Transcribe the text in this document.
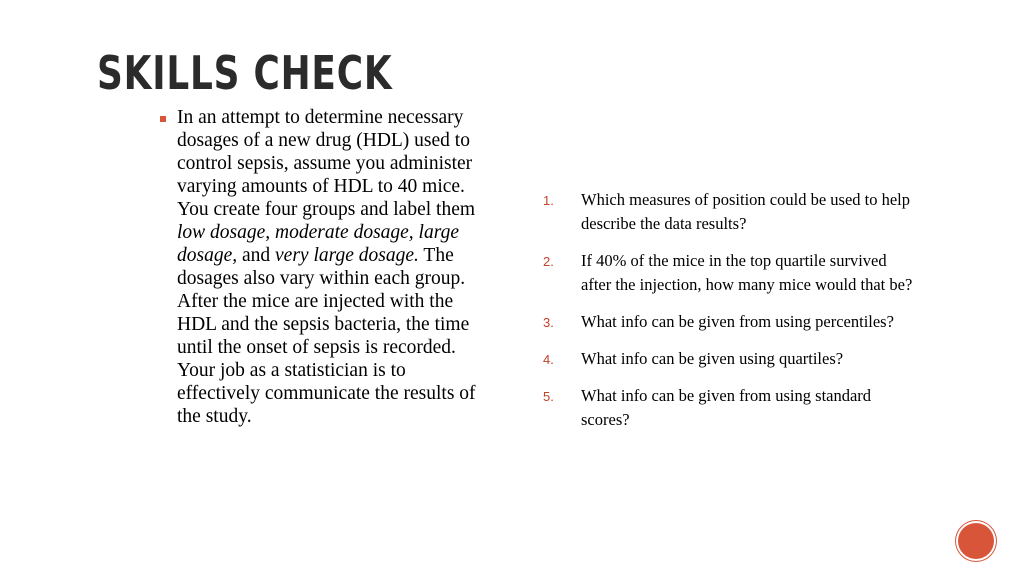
SKILLS CHECK
In an attempt to determine necessary dosages of a new drug (HDL) used to control sepsis, assume you administer varying amounts of HDL to 40 mice. You create four groups and label them low dosage, moderate dosage, large dosage, and very large dosage. The dosages also vary within each group. After the mice are injected with the HDL and the sepsis bacteria, the time until the onset of sepsis is recorded. Your job as a statistician is to effectively communicate the results of the study.
1. Which measures of position could be used to help describe the data results?
2. If 40% of the mice in the top quartile survived after the injection, how many mice would that be?
3. What info can be given from using percentiles?
4. What info can be given using quartiles?
5. What info can be given from using standard scores?
